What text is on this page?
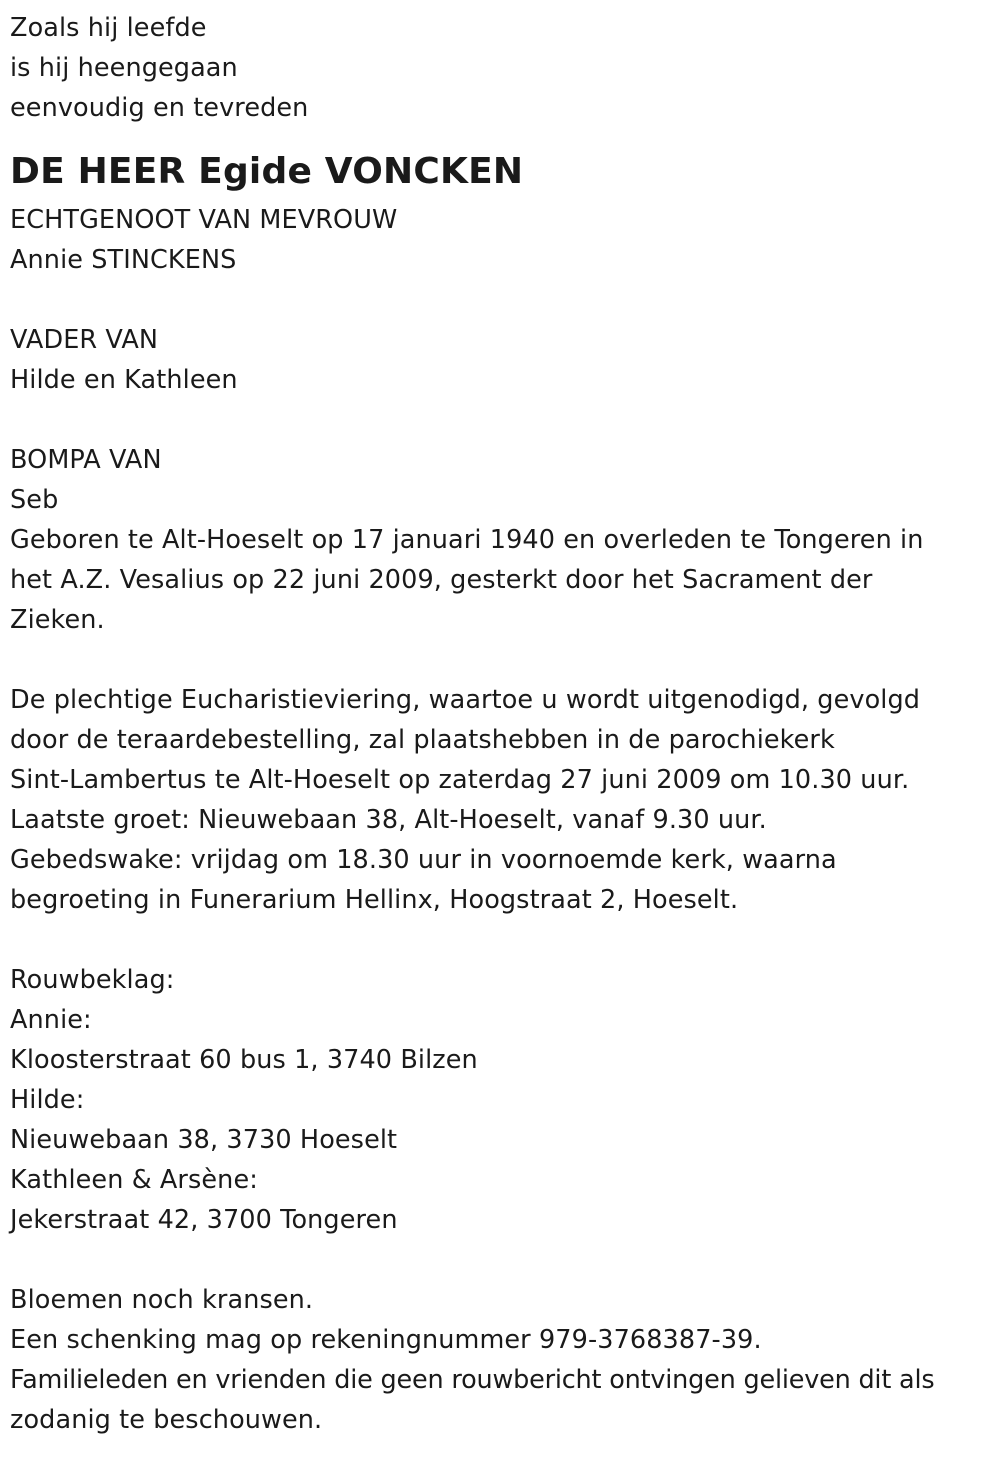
Zoals hij leefde
is hij heengegaan
eenvoudig en tevreden
DE HEER Egide VONCKEN
ECHTGENOOT VAN MEVROUW
Annie STINCKENS
VADER VAN
Hilde en Kathleen
BOMPA VAN
Seb
Geboren te Alt-Hoeselt op 17 januari 1940 en overleden te Tongeren in
het A.Z. Vesalius op 22 juni 2009, gesterkt door het Sacrament der
Zieken.
De plechtige Eucharistieviering, waartoe u wordt uitgenodigd, gevolgd
door de teraardebestelling, zal plaatshebben in de parochiekerk
Sint-Lambertus te Alt-Hoeselt op zaterdag 27 juni 2009 om 10.30 uur.
Laatste groet: Nieuwebaan 38, Alt-Hoeselt, vanaf 9.30 uur.
Gebedswake: vrijdag om 18.30 uur in voornoemde kerk, waarna
begroeting in Funerarium Hellinx, Hoogstraat 2, Hoeselt.
Rouwbeklag:
Annie:
Kloosterstraat 60 bus 1, 3740 Bilzen
Hilde:
Nieuwebaan 38, 3730 Hoeselt
Kathleen & Arsène:
Jekerstraat 42, 3700 Tongeren
Bloemen noch kransen.
Een schenking mag op rekeningnummer 979-3768387-39.
Familieleden en vrienden die geen rouwbericht ontvingen gelieven dit als
zodanig te beschouwen.
